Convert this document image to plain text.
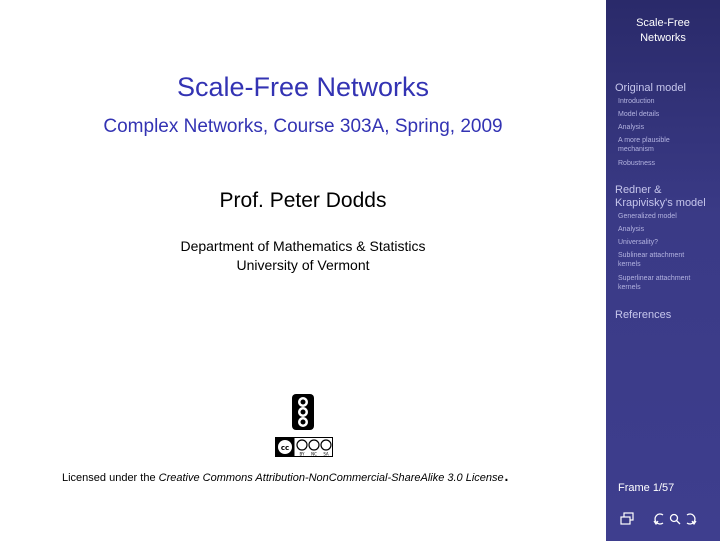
Scale-Free Networks
Complex Networks, Course 303A, Spring, 2009
Prof. Peter Dodds
Department of Mathematics & Statistics
University of Vermont
cc
BY NC SA
Licensed under the Creative Commons Attribution-NonCommercial-ShareAlike 3.0 License.
Scale-Free
Networks
Original model
Introduction
Model details
Analysis
A more plausible
mechanism
Robustness
Redner &
Krapivisky's model
Generalized model
Analysis
Universality?
Sublinear attachment
kernels
Superlinear attachment
kernels
References
Frame 1/57
